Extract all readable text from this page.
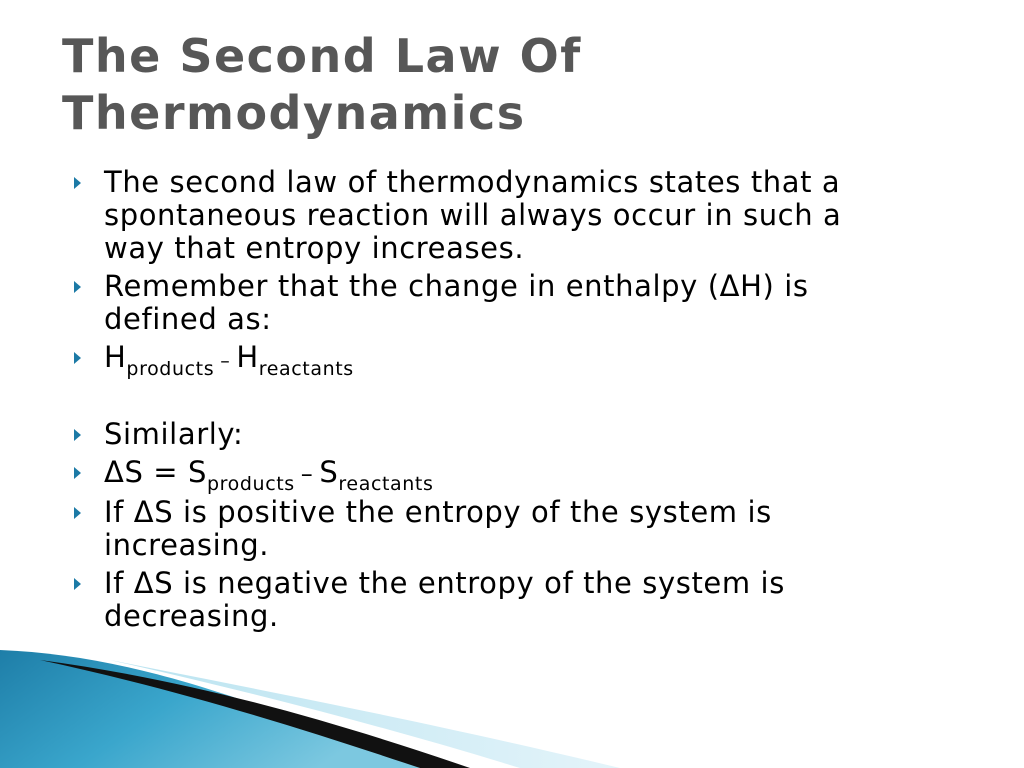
The Second Law Of
Thermodynamics
The second law of thermodynamics states that a
spontaneous reaction will always occur in such a
way that entropy increases.
Remember that the change in enthalpy (ΔH) is
defined as:
$H_{products} - H_{reactants}$
Similarly:
$\Delta S = S_{products} - S_{reactants}$
If ΔS is positive the entropy of the system is
increasing.
If ΔS is negative the entropy of the system is
decreasing.
